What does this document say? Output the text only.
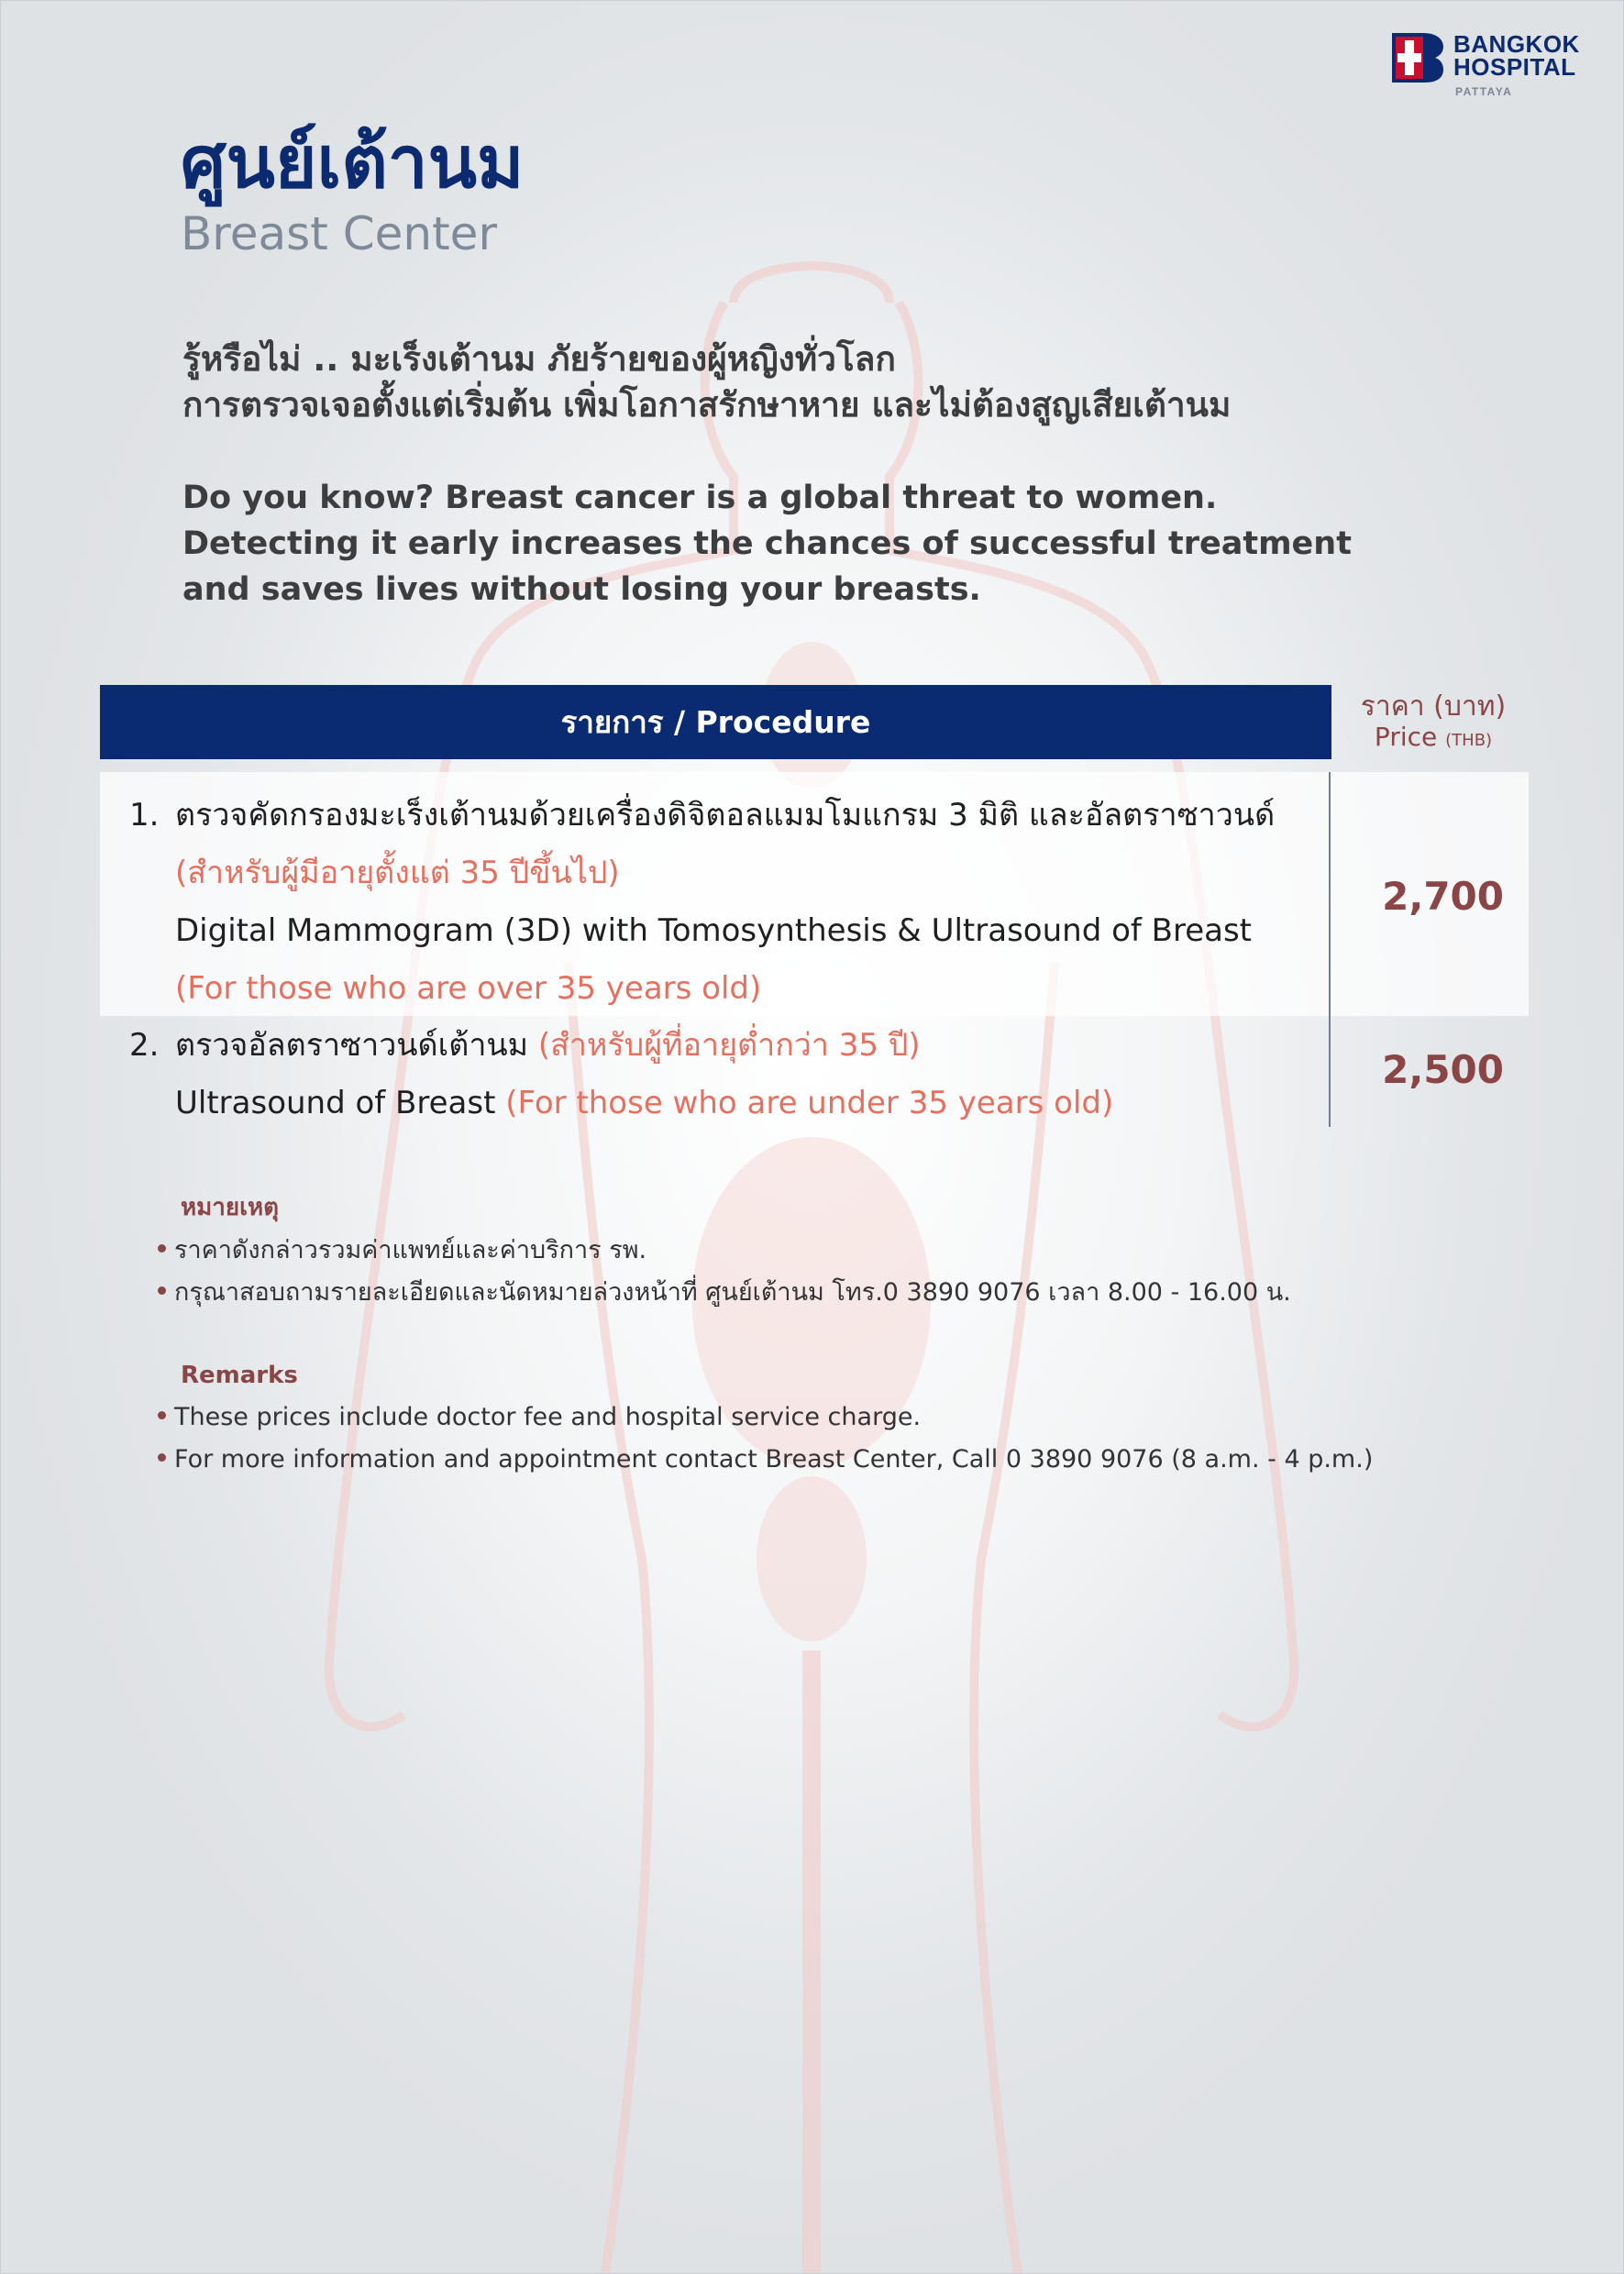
BANGKOK
HOSPITAL
PATTAYA
ศูนย์เต้านม
Breast Center
รู้หรือไม่ .. มะเร็งเต้านม ภัยร้ายของผู้หญิงทั่วโลก
การตรวจเจอตั้งแต่เริ่มต้น เพิ่มโอกาสรักษาหาย และไม่ต้องสูญเสียเต้านม
Do you know? Breast cancer is a global threat to women.
Detecting it early increases the chances of successful treatment
and saves lives without losing your breasts.
รายการ / Procedure	ราคา (บาท)
Price (THB)
1. ตรวจคัดกรองมะเร็งเต้านมด้วยเครื่องดิจิตอลแมมโมแกรม 3 มิติ และอัลตราซาวนด์
(สำหรับผู้มีอายุตั้งแต่ 35 ปีขึ้นไป)
Digital Mammogram (3D) with Tomosynthesis & Ultrasound of Breast
(For those who are over 35 years old)
2,700
2. ตรวจอัลตราซาวนด์เต้านม (สำหรับผู้ที่อายุต่ำกว่า 35 ปี)
Ultrasound of Breast (For those who are under 35 years old)
2,500
หมายเหตุ
ราคาดังกล่าวรวมค่าแพทย์และค่าบริการ รพ.
กรุณาสอบถามรายละเอียดและนัดหมายล่วงหน้าที่ ศูนย์เต้านม โทร.0 3890 9076 เวลา 8.00 - 16.00 น.
Remarks
These prices include doctor fee and hospital service charge.
For more information and appointment contact Breast Center, Call 0 3890 9076 (8 a.m. - 4 p.m.)
